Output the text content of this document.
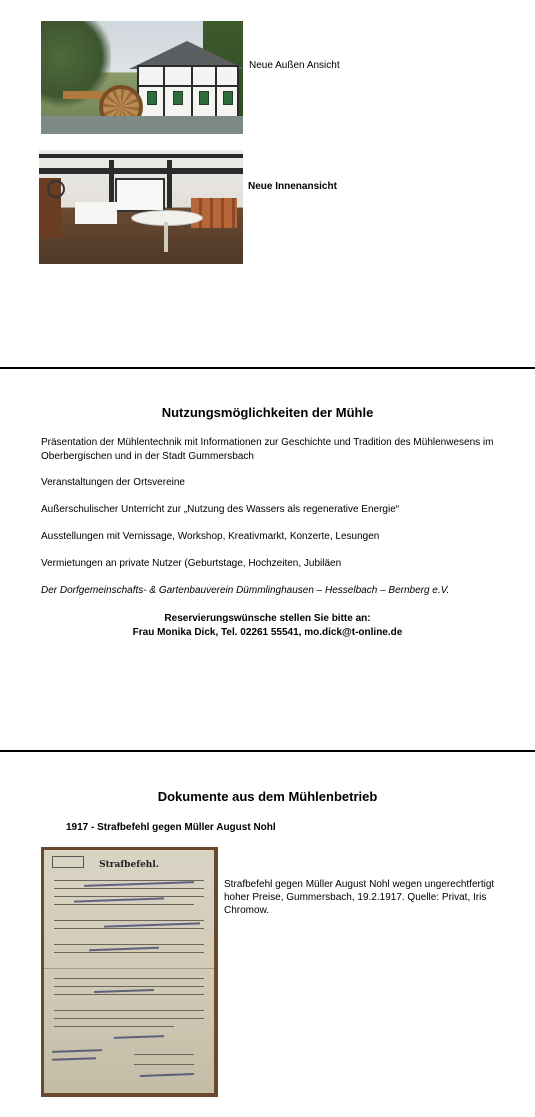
Neue Außen Ansicht
Neue Innenansicht
Nutzungsmöglichkeiten der Mühle
Präsentation der Mühlentechnik mit Informationen zur Geschichte und Tradition des Mühlenwesens im Oberbergischen und in der Stadt Gummersbach
Veranstaltungen der Ortsvereine
Außerschulischer Unterricht zur „Nutzung des Wassers als regenerative Energie“
Ausstellungen mit Vernissage, Workshop, Kreativmarkt, Konzerte, Lesungen
Vermietungen an private Nutzer (Geburtstage, Hochzeiten, Jubiläen
Der Dorfgemeinschafts- & Gartenbauverein Dümmlinghausen – Hesselbach – Bernberg e.V.
Reservierungswünsche stellen Sie bitte an:
Frau Monika Dick, Tel. 02261 55541, mo.dick@t-online.de
Dokumente aus dem Mühlenbetrieb
1917 - Strafbefehl gegen Müller August Nohl
Strafbefehl.
Strafbefehl gegen Müller August Nohl wegen ungerechtfertigt hoher Preise, Gummersbach, 19.2.1917. Quelle: Privat, Iris Chromow.
